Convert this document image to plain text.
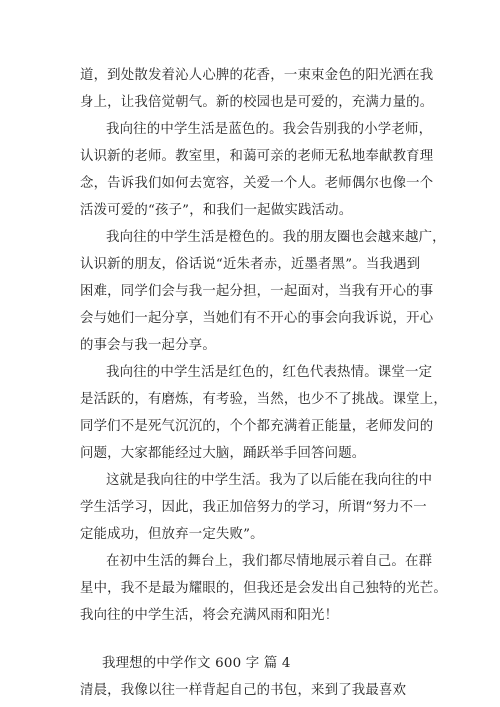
道，到处散发着沁人心脾的花香，一束束金色的阳光洒在我
身上，让我倍觉朝气。新的校园也是可爱的，充满力量的。
我向往的中学生活是蓝色的。我会告别我的小学老师，
认识新的老师。教室里，和蔼可亲的老师无私地奉献教育理
念，告诉我们如何去宽容，关爱一个人。老师偶尔也像一个
活泼可爱的“孩子”，和我们一起做实践活动。
我向往的中学生活是橙色的。我的朋友圈也会越来越广，
认识新的朋友，俗话说“近朱者赤，近墨者黑”。当我遇到
困难，同学们会与我一起分担，一起面对，当我有开心的事
会与她们一起分享，当她们有不开心的事会向我诉说，开心
的事会与我一起分享。
我向往的中学生活是红色的，红色代表热情。课堂一定
是活跃的，有磨炼，有考验，当然，也少不了挑战。课堂上，
同学们不是死气沉沉的，个个都充满着正能量，老师发问的
问题，大家都能经过大脑，踊跃举手回答问题。
这就是我向往的中学生活。我为了以后能在我向往的中
学生活学习，因此，我正加倍努力的学习，所谓“努力不一
定能成功，但放弃一定失败”。
在初中生活的舞台上，我们都尽情地展示着自己。在群
星中，我不是最为耀眼的，但我还是会发出自己独特的光芒。
我向往的中学生活，将会充满风雨和阳光！
我理想的中学作文 600 字 篇 4
清晨，我像以往一样背起自己的书包，来到了我最喜欢
